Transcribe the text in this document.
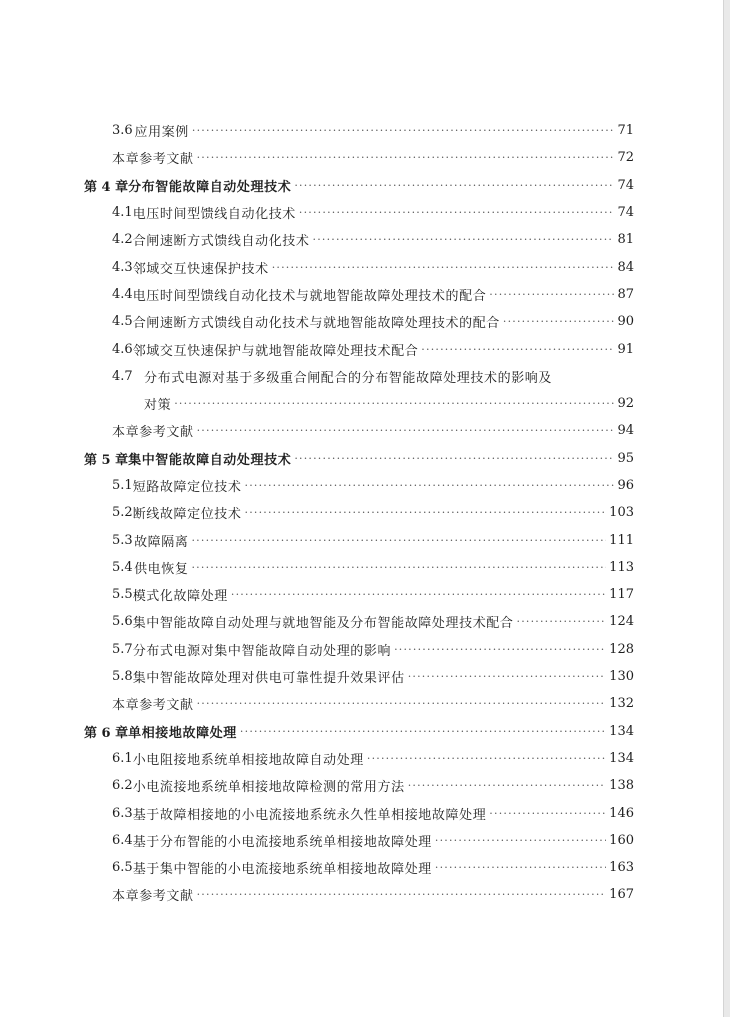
3.6 应用案例 ·····	71
本章参考文献 ·····	72
第 4 章 分布智能故障自动处理技术 ·····	74
4.1 电压时间型馈线自动化技术 ·····	74
4.2 合闸速断方式馈线自动化技术 ·····	81
4.3 邻域交互快速保护技术 ·····	84
4.4 电压时间型馈线自动化技术与就地智能故障处理技术的配合 ·····	87
4.5 合闸速断方式馈线自动化技术与就地智能故障处理技术的配合 ·····	90
4.6 邻域交互快速保护与就地智能故障处理技术配合 ·····	91
4.7 分布式电源对基于多级重合闸配合的分布智能故障处理技术的影响及
对策 ·····	92
本章参考文献 ·····	94
第 5 章 集中智能故障自动处理技术 ·····	95
5.1 短路故障定位技术 ·····	96
5.2 断线故障定位技术 ·····	103
5.3 故障隔离 ·····	111
5.4 供电恢复 ·····	113
5.5 模式化故障处理 ·····	117
5.6 集中智能故障自动处理与就地智能及分布智能故障处理技术配合 ·····	124
5.7 分布式电源对集中智能故障自动处理的影响 ·····	128
5.8 集中智能故障处理对供电可靠性提升效果评估 ·····	130
本章参考文献 ·····	132
第 6 章 单相接地故障处理 ·····	134
6.1 小电阻接地系统单相接地故障自动处理 ·····	134
6.2 小电流接地系统单相接地故障检测的常用方法 ·····	138
6.3 基于故障相接地的小电流接地系统永久性单相接地故障处理 ·····	146
6.4 基于分布智能的小电流接地系统单相接地故障处理 ·····	160
6.5 基于集中智能的小电流接地系统单相接地故障处理 ·····	163
本章参考文献 ·····	167
